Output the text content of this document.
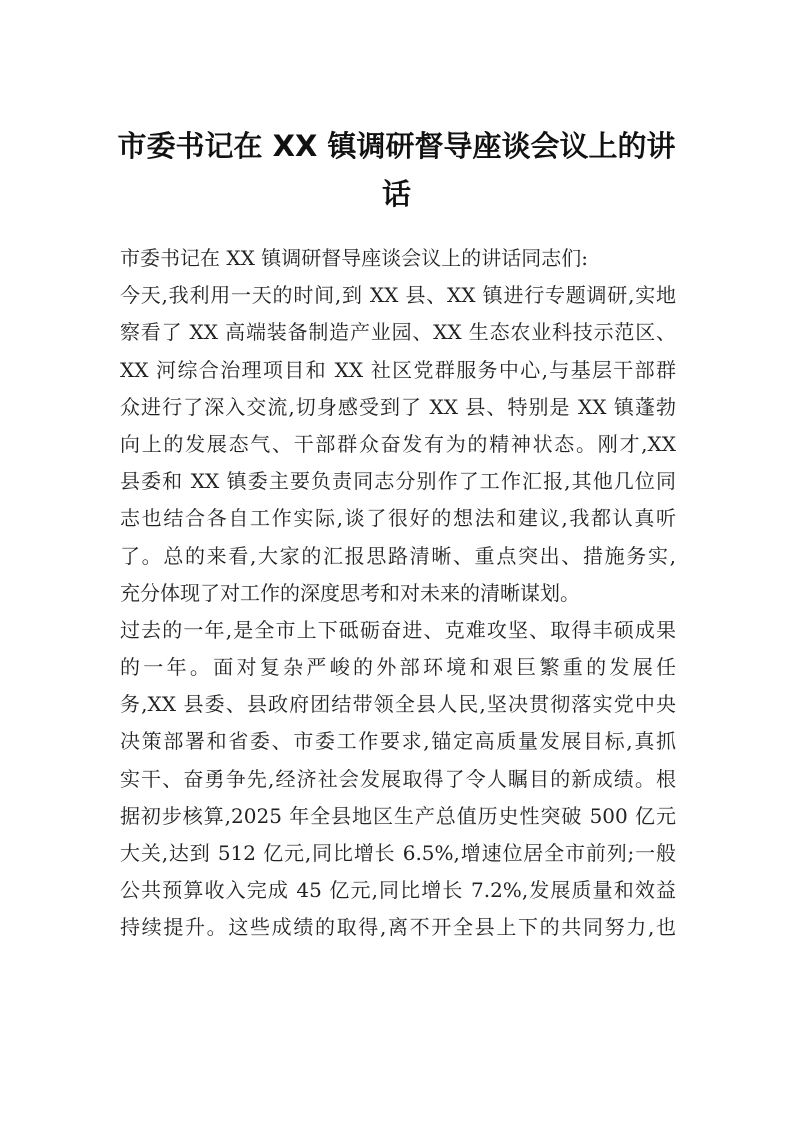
市委书记在 XX 镇调研督导座谈会议上的讲
话
市委书记在 XX 镇调研督导座谈会议上的讲话同志们:
今天,我利用一天的时间,到 XX 县、XX 镇进行专题调研,实地
察看了 XX 高端装备制造产业园、XX 生态农业科技示范区、
XX 河综合治理项目和 XX 社区党群服务中心,与基层干部群
众进行了深入交流,切身感受到了 XX 县、特别是 XX 镇蓬勃
向上的发展态气、干部群众奋发有为的精神状态。刚才,XX
县委和 XX 镇委主要负责同志分别作了工作汇报,其他几位同
志也结合各自工作实际,谈了很好的想法和建议,我都认真听
了。总的来看,大家的汇报思路清晰、重点突出、措施务实,
充分体现了对工作的深度思考和对未来的清晰谋划。
过去的一年,是全市上下砥砺奋进、克难攻坚、取得丰硕成果
的一年。面对复杂严峻的外部环境和艰巨繁重的发展任
务,XX 县委、县政府团结带领全县人民,坚决贯彻落实党中央
决策部署和省委、市委工作要求,锚定高质量发展目标,真抓
实干、奋勇争先,经济社会发展取得了令人瞩目的新成绩。根
据初步核算,2025 年全县地区生产总值历史性突破 500 亿元
大关,达到 512 亿元,同比增长 6.5%,增速位居全市前列;一般
公共预算收入完成 45 亿元,同比增长 7.2%,发展质量和效益
持续提升。这些成绩的取得,离不开全县上下的共同努力,也
